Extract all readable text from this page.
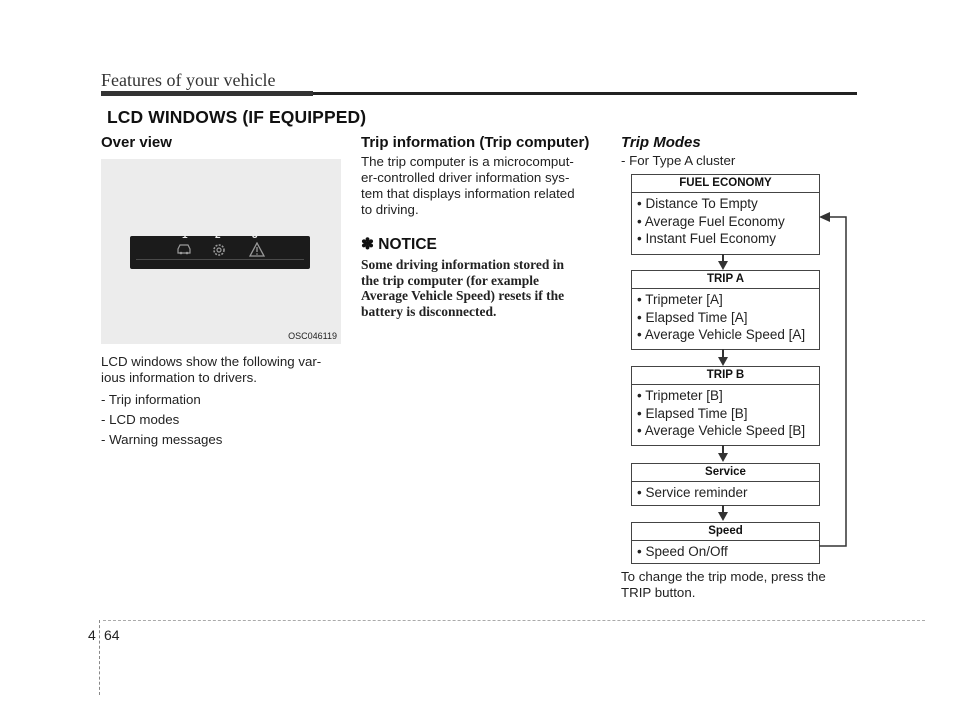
Features of your vehicle
LCD WINDOWS (IF EQUIPPED)
Over view
1	2	3
OSC046119
LCD windows show the following var-
ious information to drivers.
- Trip information
- LCD modes
- Warning messages
Trip information (Trip computer)
The trip computer is a microcomput-
er-controlled driver information sys-
tem that displays information related
to driving.
✽ NOTICE
Some driving information stored in
the trip computer (for example
Average Vehicle Speed) resets if the
battery is disconnected.
Trip Modes
- For Type A cluster
FUEL ECONOMY
• Distance To Empty
• Average Fuel Economy
• Instant Fuel Economy
TRIP A
• Tripmeter [A]
• Elapsed Time [A]
• Average Vehicle Speed [A]
TRIP B
• Tripmeter [B]
• Elapsed Time [B]
• Average Vehicle Speed [B]
Service
• Service reminder
Speed
• Speed On/Off
To change the trip mode, press the
TRIP button.
4 64
